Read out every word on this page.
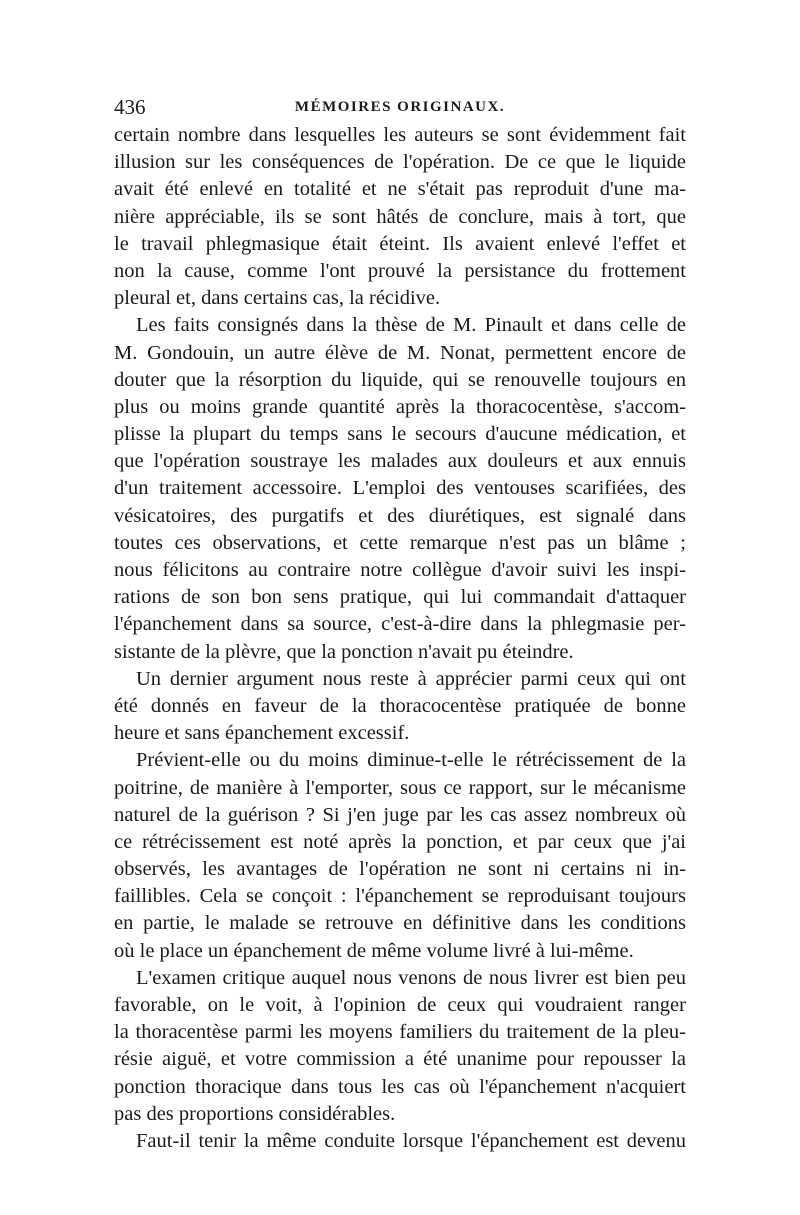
436	MÉMOIRES ORIGINAUX.
certain nombre dans lesquelles les auteurs se sont évidemment fait
illusion sur les conséquences de l'opération. De ce que le liquide
avait été enlevé en totalité et ne s'était pas reproduit d'une ma-
nière appréciable, ils se sont hâtés de conclure, mais à tort, que
le travail phlegmasique était éteint. Ils avaient enlevé l'effet et
non la cause, comme l'ont prouvé la persistance du frottement
pleural et, dans certains cas, la récidive.
Les faits consignés dans la thèse de M. Pinault et dans celle de
M. Gondouin, un autre élève de M. Nonat, permettent encore de
douter que la résorption du liquide, qui se renouvelle toujours en
plus ou moins grande quantité après la thoracocentèse, s'accom-
plisse la plupart du temps sans le secours d'aucune médication, et
que l'opération soustraye les malades aux douleurs et aux ennuis
d'un traitement accessoire. L'emploi des ventouses scarifiées, des
vésicatoires, des purgatifs et des diurétiques, est signalé dans
toutes ces observations, et cette remarque n'est pas un blâme ;
nous félicitons au contraire notre collègue d'avoir suivi les inspi-
rations de son bon sens pratique, qui lui commandait d'attaquer
l'épanchement dans sa source, c'est-à-dire dans la phlegmasie per-
sistante de la plèvre, que la ponction n'avait pu éteindre.
Un dernier argument nous reste à apprécier parmi ceux qui ont
été donnés en faveur de la thoracocentèse pratiquée de bonne
heure et sans épanchement excessif.
Prévient-elle ou du moins diminue-t-elle le rétrécissement de la
poitrine, de manière à l'emporter, sous ce rapport, sur le mécanisme
naturel de la guérison ? Si j'en juge par les cas assez nombreux où
ce rétrécissement est noté après la ponction, et par ceux que j'ai
observés, les avantages de l'opération ne sont ni certains ni in-
faillibles. Cela se conçoit : l'épanchement se reproduisant toujours
en partie, le malade se retrouve en définitive dans les conditions
où le place un épanchement de même volume livré à lui-même.
L'examen critique auquel nous venons de nous livrer est bien peu
favorable, on le voit, à l'opinion de ceux qui voudraient ranger
la thoracentèse parmi les moyens familiers du traitement de la pleu-
résie aiguë, et votre commission a été unanime pour repousser la
ponction thoracique dans tous les cas où l'épanchement n'acquiert
pas des proportions considérables.
Faut-il tenir la même conduite lorsque l'épanchement est devenu
